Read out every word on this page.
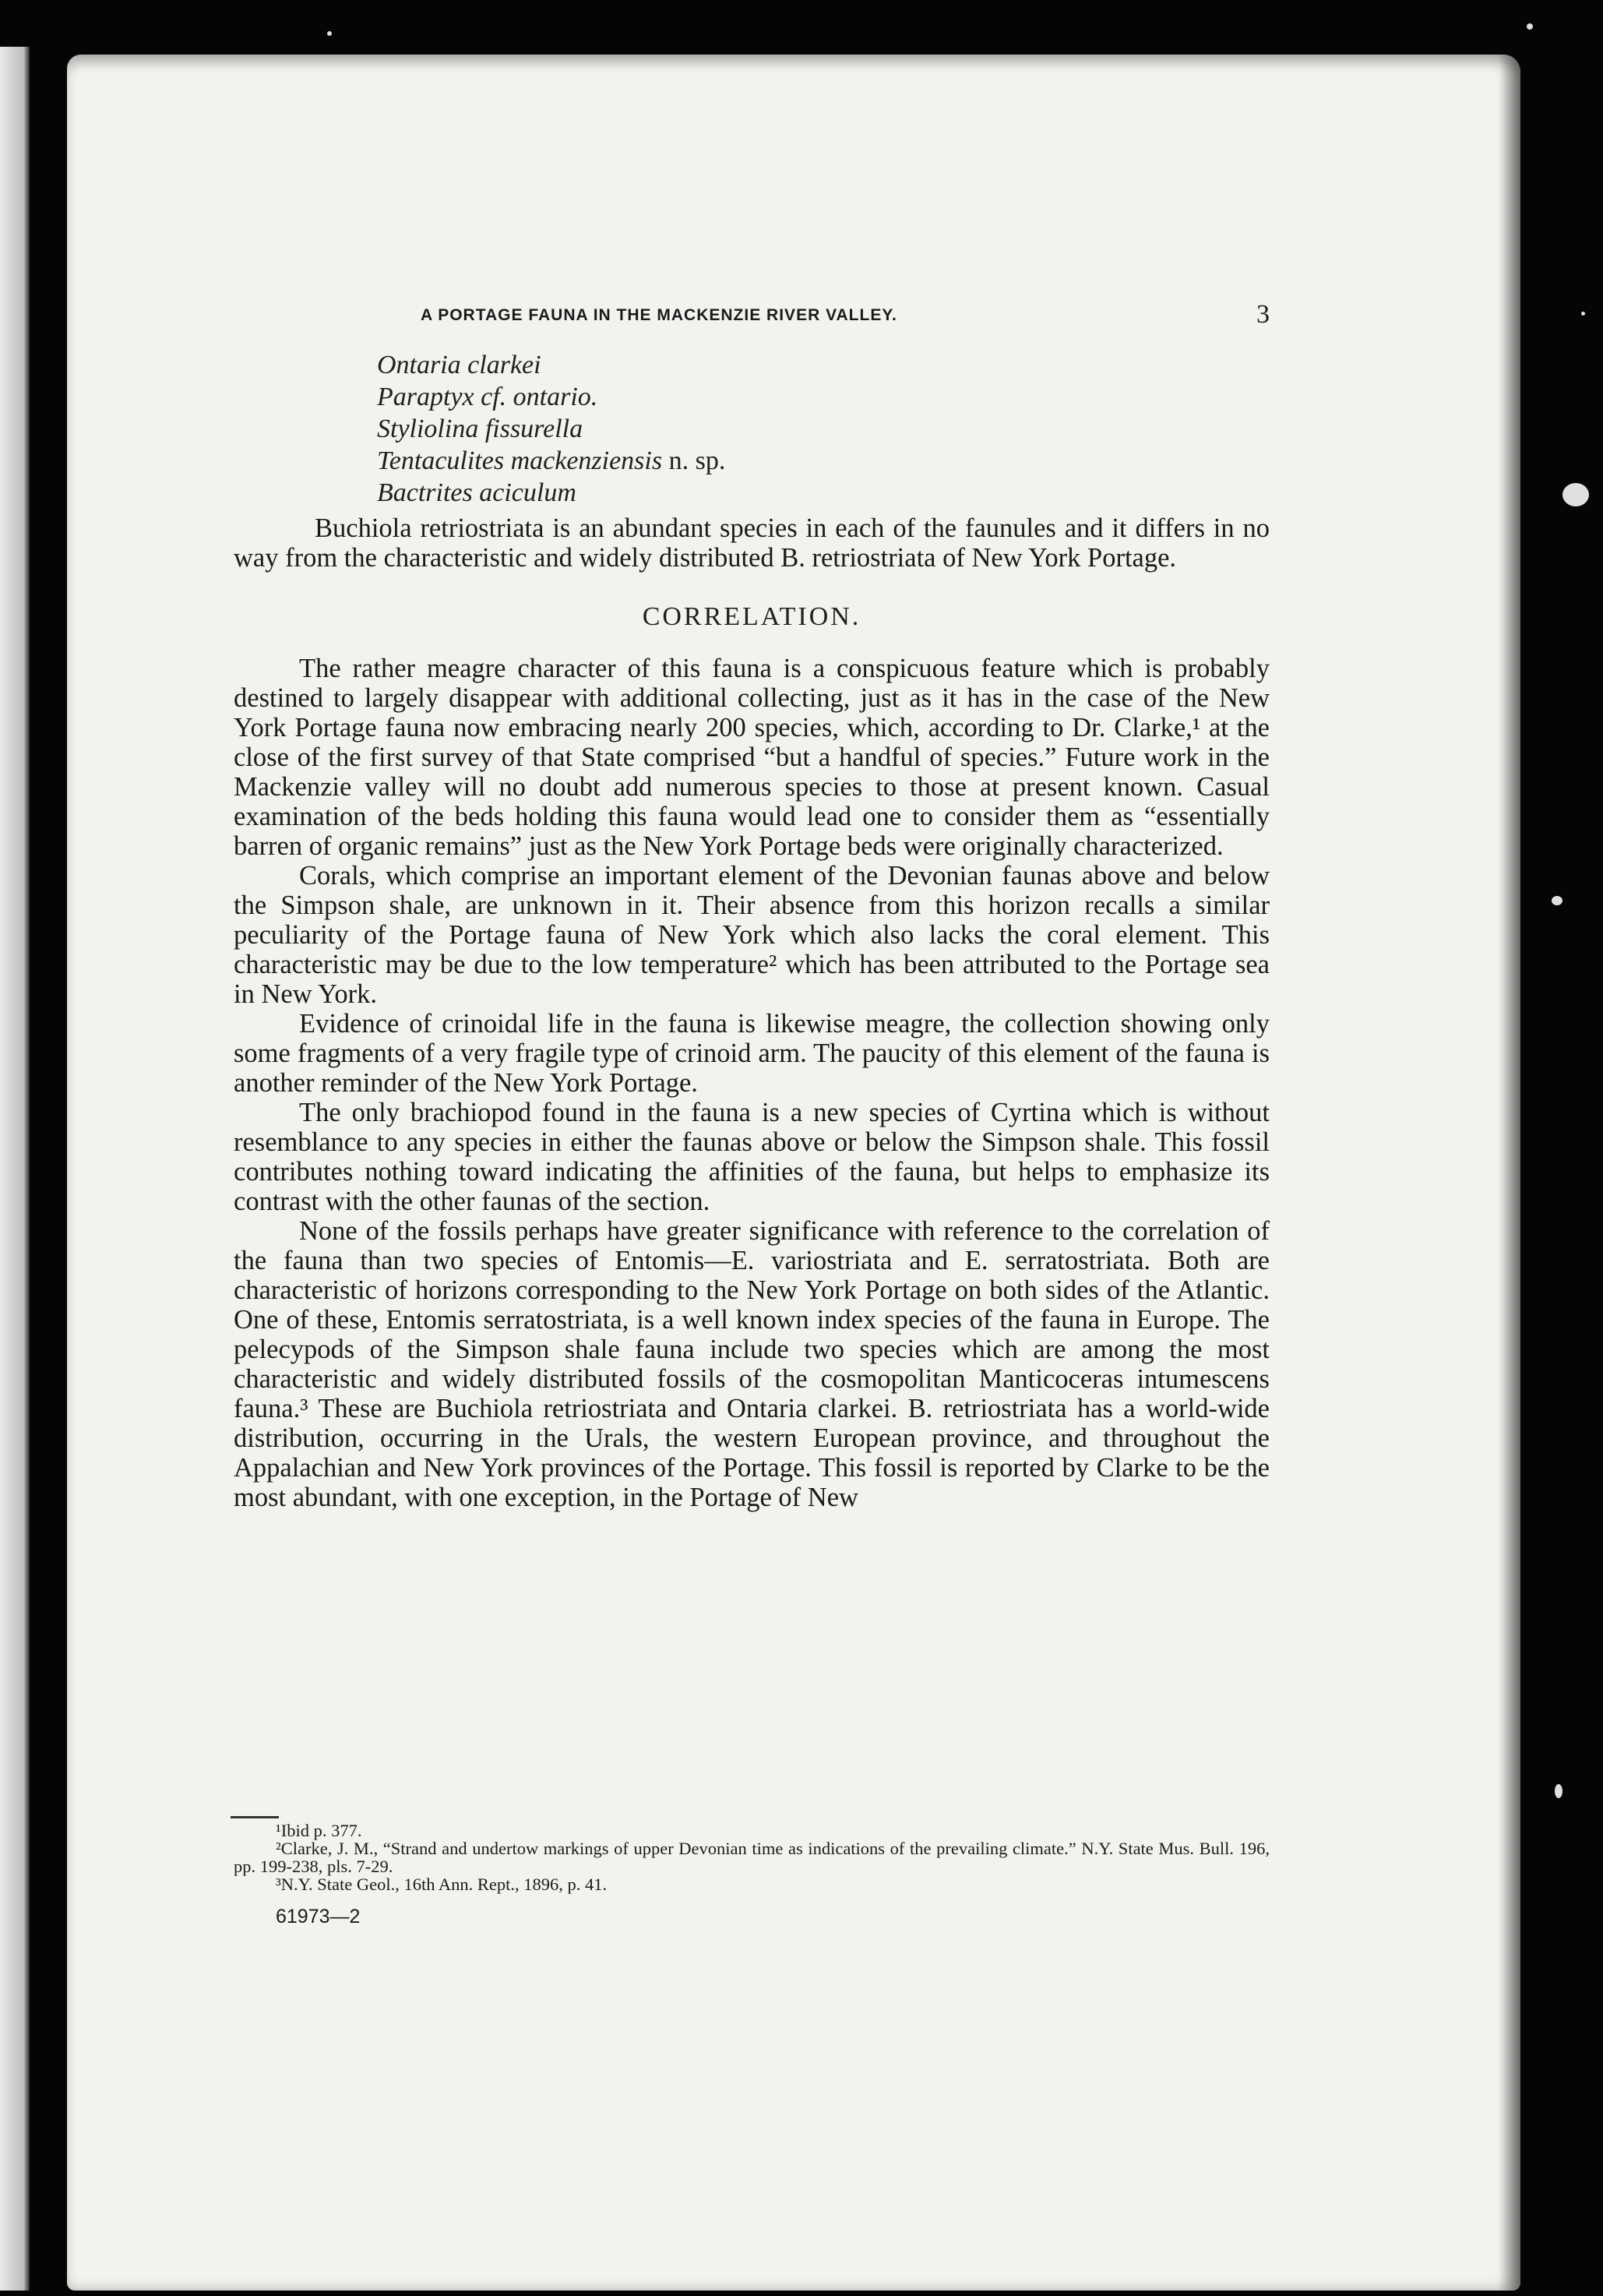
A PORTAGE FAUNA IN THE MACKENZIE RIVER VALLEY.	3
Ontaria clarkei
Paraptyx cf. ontario.
Styliolina fissurella
Tentaculites mackenziensis n. sp.
Bactrites aciculum

Buchiola retriostriata is an abundant species in each of the faunules and it differs in no way from the characteristic and widely distributed B. retriostriata of New York Portage.

CORRELATION.

The rather meagre character of this fauna is a conspicuous feature which is probably destined to largely disappear with additional collecting, just as it has in the case of the New York Portage fauna now embracing nearly 200 species, which, according to Dr. Clarke,¹ at the close of the first survey of that State comprised “but a handful of species.” Future work in the Mackenzie valley will no doubt add numerous species to those at present known. Casual examination of the beds holding this fauna would lead one to consider them as “essentially barren of organic remains” just as the New York Portage beds were originally characterized.

Corals, which comprise an important element of the Devonian faunas above and below the Simpson shale, are unknown in it. Their absence from this horizon recalls a similar peculiarity of the Portage fauna of New York which also lacks the coral element. This characteristic may be due to the low temperature² which has been attributed to the Portage sea in New York.

Evidence of crinoidal life in the fauna is likewise meagre, the collection showing only some fragments of a very fragile type of crinoid arm. The paucity of this element of the fauna is another reminder of the New York Portage.

The only brachiopod found in the fauna is a new species of Cyrtina which is without resemblance to any species in either the faunas above or below the Simpson shale. This fossil contributes nothing toward indicating the affinities of the fauna, but helps to emphasize its contrast with the other faunas of the section.

None of the fossils perhaps have greater significance with reference to the correlation of the fauna than two species of Entomis—E. variostriata and E. serratostriata. Both are characteristic of horizons corresponding to the New York Portage on both sides of the Atlantic. One of these, Entomis serratostriata, is a well known index species of the fauna in Europe. The pelecypods of the Simpson shale fauna include two species which are among the most characteristic and widely distributed fossils of the cosmopolitan Manticoceras intumescens fauna.³ These are Buchiola retriostriata and Ontaria clarkei. B. retriostriata has a world-wide distribution, occurring in the Urals, the western European province, and throughout the Appalachian and New York provinces of the Portage. This fossil is reported by Clarke to be the most abundant, with one exception, in the Portage of New

¹Ibid p. 377.

²Clarke, J. M., “Strand and undertow markings of upper Devonian time as indications of the prevailing climate.” N.Y. State Mus. Bull. 196, pp. 199-238, pls. 7-29.

³N.Y. State Geol., 16th Ann. Rept., 1896, p. 41.

61973—2
